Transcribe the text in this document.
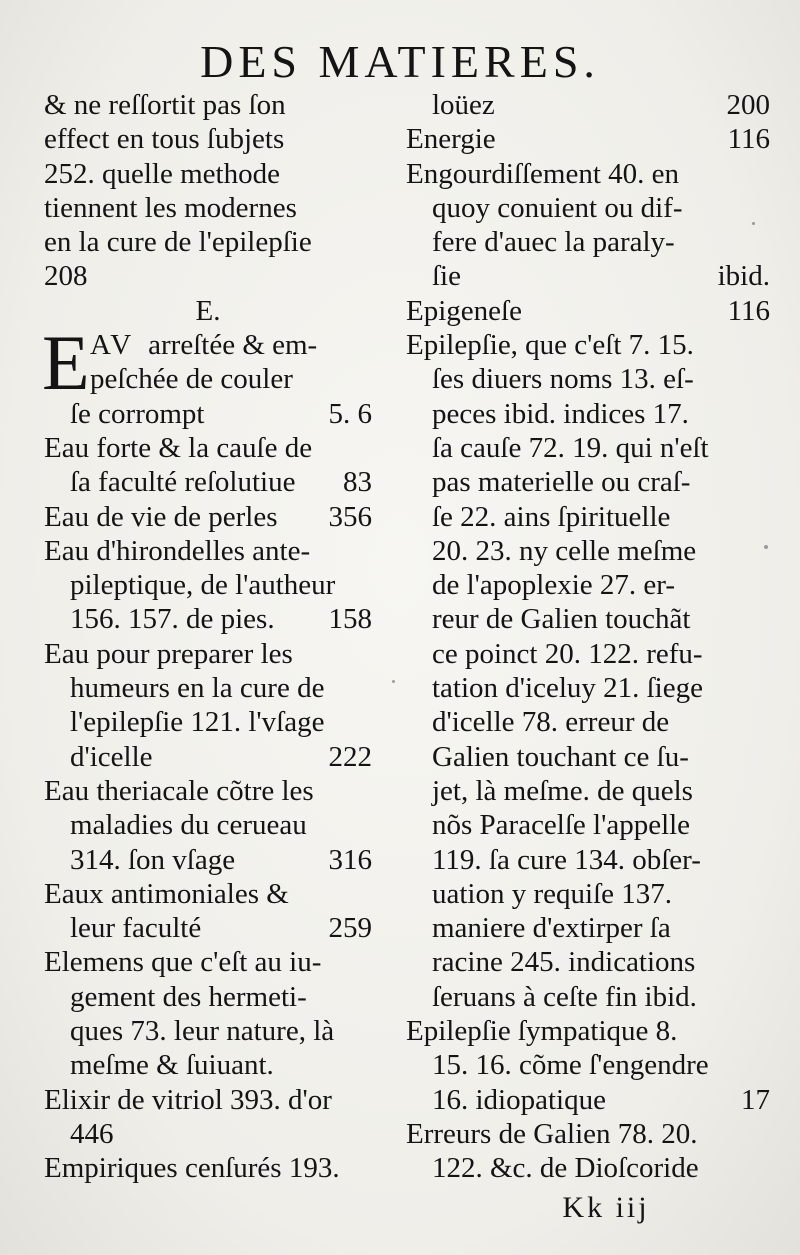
DES MATIERES.
& ne reſſortit pas ſon
effect en tous ſubjets
252. quelle methode
tiennent les modernes
en la cure de l'epilepſie
208
E.
E AV arreſtée & em-
peſchée de couler
ſe corrompt	5. 6
Eau forte & la cauſe de
ſa faculté reſolutiue 83
Eau de vie de perles 356
Eau d'hirondelles ante-
pileptique, de l'autheur
156. 157. de pies. 158
Eau pour preparer les
humeurs en la cure de
l'epilepſie 121. l'vſage
d'icelle	222
Eau theriacale cõtre les
maladies du cerueau
314. ſon vſage	316
Eaux antimoniales &
leur faculté	259
Elemens que c'eſt au iu-
gement des hermeti-
ques 73. leur nature, là
meſme & ſuiuant.
Elixir de vitriol 393. d'or
446
Empiriques cenſurés 193.
loüez	200
Energie	116
Engourdiſſement 40. en
quoy conuient ou dif-
fere d'auec la paraly-
ſie	ibid.
Epigeneſe	116
Epilepſie, que c'eſt 7. 15.
ſes diuers noms 13. eſ-
peces ibid. indices 17.
ſa cauſe 72. 19. qui n'eſt
pas materielle ou craſ-
ſe 22. ains ſpirituelle
20. 23. ny celle meſme
de l'apoplexie 27. er-
reur de Galien touchãt
ce poinct 20. 122. refu-
tation d'iceluy 21. ſiege
d'icelle 78. erreur de
Galien touchant ce ſu-
jet, là meſme. de quels
nõs Paracelſe l'appelle
119. ſa cure 134. obſer-
uation y requiſe 137.
maniere d'extirper ſa
racine 245. indications
ſeruans à ceſte fin ibid.
Epilepſie ſympatique 8.
15. 16. cõme ſ'engendre
16. idiopatique	17
Erreurs de Galien 78. 20.
122. &c. de Dioſcoride
Kk iij
